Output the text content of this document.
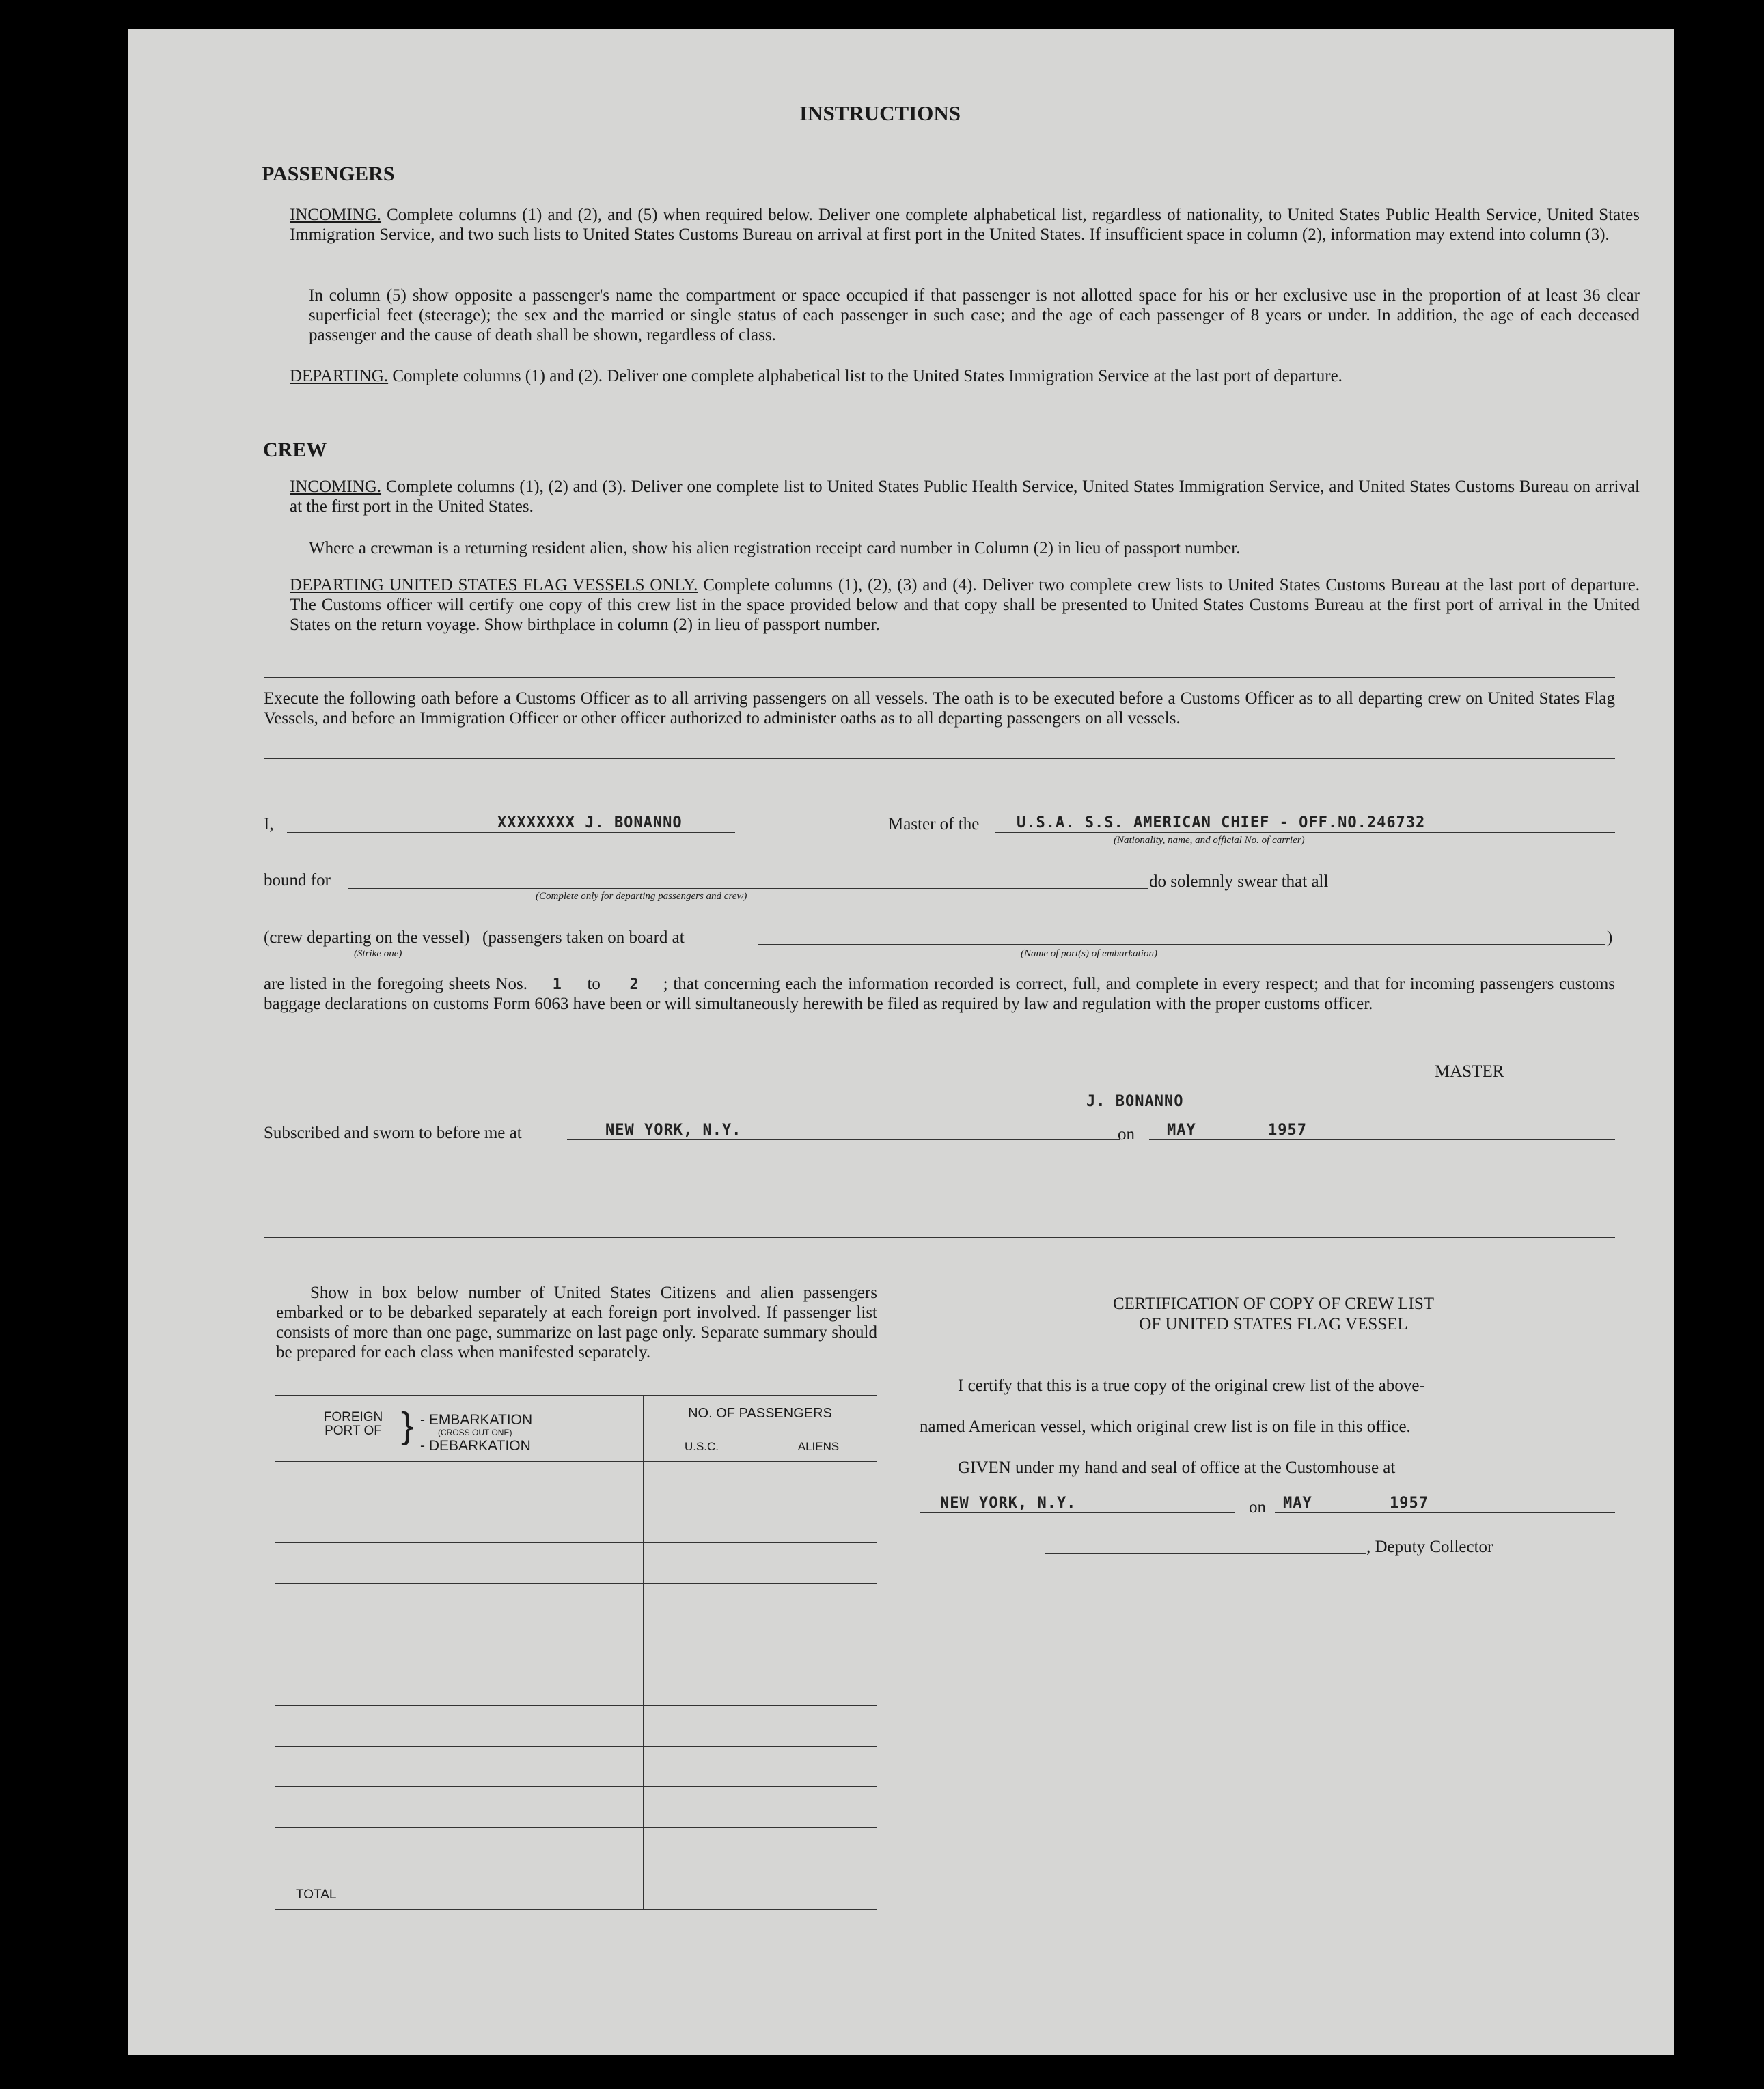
INSTRUCTIONS
PASSENGERS
INCOMING. Complete columns (1) and (2), and (5) when required below. Deliver one complete alphabetical list, regardless of nationality, to United States Public Health Service, United States Immigration Service, and two such lists to United States Customs Bureau on arrival at first port in the United States. If insufficient space in column (2), information may extend into column (3).
In column (5) show opposite a passenger's name the compartment or space occupied if that passenger is not allotted space for his or her exclusive use in the proportion of at least 36 clear superficial feet (steerage); the sex and the married or single status of each passenger in such case; and the age of each passenger of 8 years or under. In addition, the age of each deceased passenger and the cause of death shall be shown, regardless of class.
DEPARTING. Complete columns (1) and (2). Deliver one complete alphabetical list to the United States Immigration Service at the last port of departure.
CREW
INCOMING. Complete columns (1), (2) and (3). Deliver one complete list to United States Public Health Service, United States Immigration Service, and United States Customs Bureau on arrival at the first port in the United States.
Where a crewman is a returning resident alien, show his alien registration receipt card number in Column (2) in lieu of passport number.
DEPARTING UNITED STATES FLAG VESSELS ONLY. Complete columns (1), (2), (3) and (4). Deliver two complete crew lists to United States Customs Bureau at the last port of departure. The Customs officer will certify one copy of this crew list in the space provided below and that copy shall be presented to United States Customs Bureau at the first port of arrival in the United States on the return voyage. Show birthplace in column (2) in lieu of passport number.
Execute the following oath before a Customs Officer as to all arriving passengers on all vessels. The oath is to be executed before a Customs Officer as to all departing crew on United States Flag Vessels, and before an Immigration Officer or other officer authorized to administer oaths as to all departing passengers on all vessels.
I,	XXXXXXXX J. BONANNO	Master of the U.S.A. S.S. AMERICAN CHIEF - OFF.NO.246732
(Nationality, name, and official No. of carrier)
bound for
(Complete only for departing passengers and crew)
do solemnly swear that all
(crew departing on the vessel)
(Strike one)
(passengers taken on board at
(Name of port(s) of embarkation)
)
are listed in the foregoing sheets Nos. 1 to 2 ; that concerning each the information recorded is correct, full, and complete in every respect; and that for incoming passengers customs baggage declarations on customs Form 6063 have been or will simultaneously herewith be filed as required by law and regulation with the proper customs officer.
MASTER
J. BONANNO
Subscribed and sworn to before me at	NEW YORK, N.Y.	on MAY	1957
Show in box below number of United States Citizens and alien passengers embarked or to be debarked separately at each foreign port involved. If passenger list consists of more than one page, summarize on last page only. Separate summary should be prepared for each class when manifested separately.
FOREIGN PORT OF } - EMBARKATION
(CROSS OUT ONE)
- DEBARKATION	NO. OF PASSENGERS	
	U.S.C.	ALIENS

TOTAL		
CERTIFICATION OF COPY OF CREW LIST
OF UNITED STATES FLAG VESSEL
I certify that this is a true copy of the original crew list of the above-
named American vessel, which original crew list is on file in this office.
GIVEN under my hand and seal of office at the Customhouse at
NEW YORK, N.Y.	on MAY	1957
, Deputy Collector
